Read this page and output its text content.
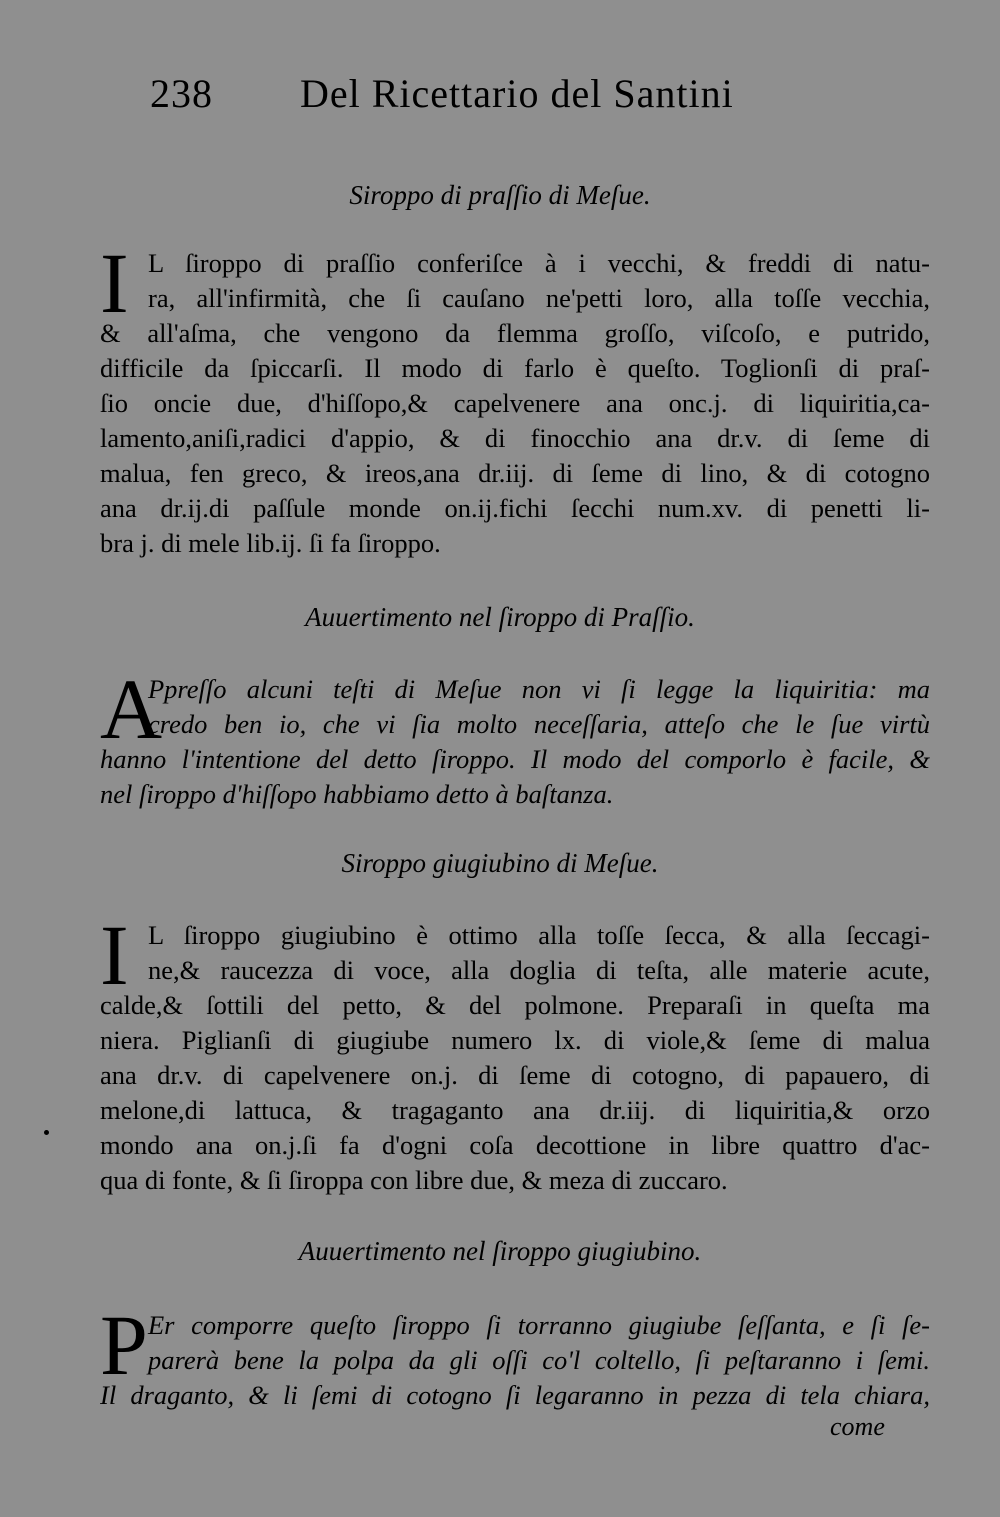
238 Del Ricettario del Santini
Siroppo di praſſio di Meſue.
I L ſiroppo di praſſio conferiſce à i vecchi, & freddi di natu-
ra, all'infirmità, che ſi cauſano ne'petti loro, alla toſſe vecchia,
& all'aſma, che vengono da flemma groſſo, viſcoſo, e putrido,
difficile da ſpiccarſi. Il modo di farlo è queſto. Toglionſi di praſ-
ſio oncie due, d'hiſſopo,& capelvenere ana onc.j. di liquiritia,ca-
lamento,aniſi,radici d'appio, & di finocchio ana dr.v. di ſeme di
malua, fen greco, & ireos,ana dr.iij. di ſeme di lino, & di cotogno
ana dr.ij.di paſſule monde on.ij.fichi ſecchi num.xv. di penetti li-
bra j. di mele lib.ij. ſi fa ſiroppo.
Auuertimento nel ſiroppo di Praſſio.
A
Ppreſſo alcuni teſti di Meſue non vi ſi legge la liquiritia: ma
credo ben io, che vi ſia molto neceſſaria, atteſo che le ſue virtù
hanno l'intentione del detto ſiroppo. Il modo del comporlo è facile, &
nel ſiroppo d'hiſſopo habbiamo detto à baſtanza.
Siroppo giugiubino di Meſue.
I L ſiroppo giugiubino è ottimo alla toſſe ſecca, & alla ſeccagi-
ne,& raucezza di voce, alla doglia di teſta, alle materie acute,
calde,& ſottili del petto, & del polmone. Preparaſi in queſta ma
niera. Piglianſi di giugiube numero lx. di viole,& ſeme di malua
ana dr.v. di capelvenere on.j. di ſeme di cotogno, di papauero, di
melone,di lattuca, & tragaganto ana dr.iij. di liquiritia,& orzo
mondo ana on.j.ſi fa d'ogni coſa decottione in libre quattro d'ac-
qua di fonte, & ſi ſiroppa con libre due, & meza di zuccaro.
Auuertimento nel ſiroppo giugiubino.
P Er comporre queſto ſiroppo ſi torranno giugiube ſeſſanta, e ſi ſe-
parerà bene la polpa da gli oſſi co'l coltello, ſi peſtaranno i ſemi.
Il draganto, & li ſemi di cotogno ſi legaranno in pezza di tela chiara,
come
